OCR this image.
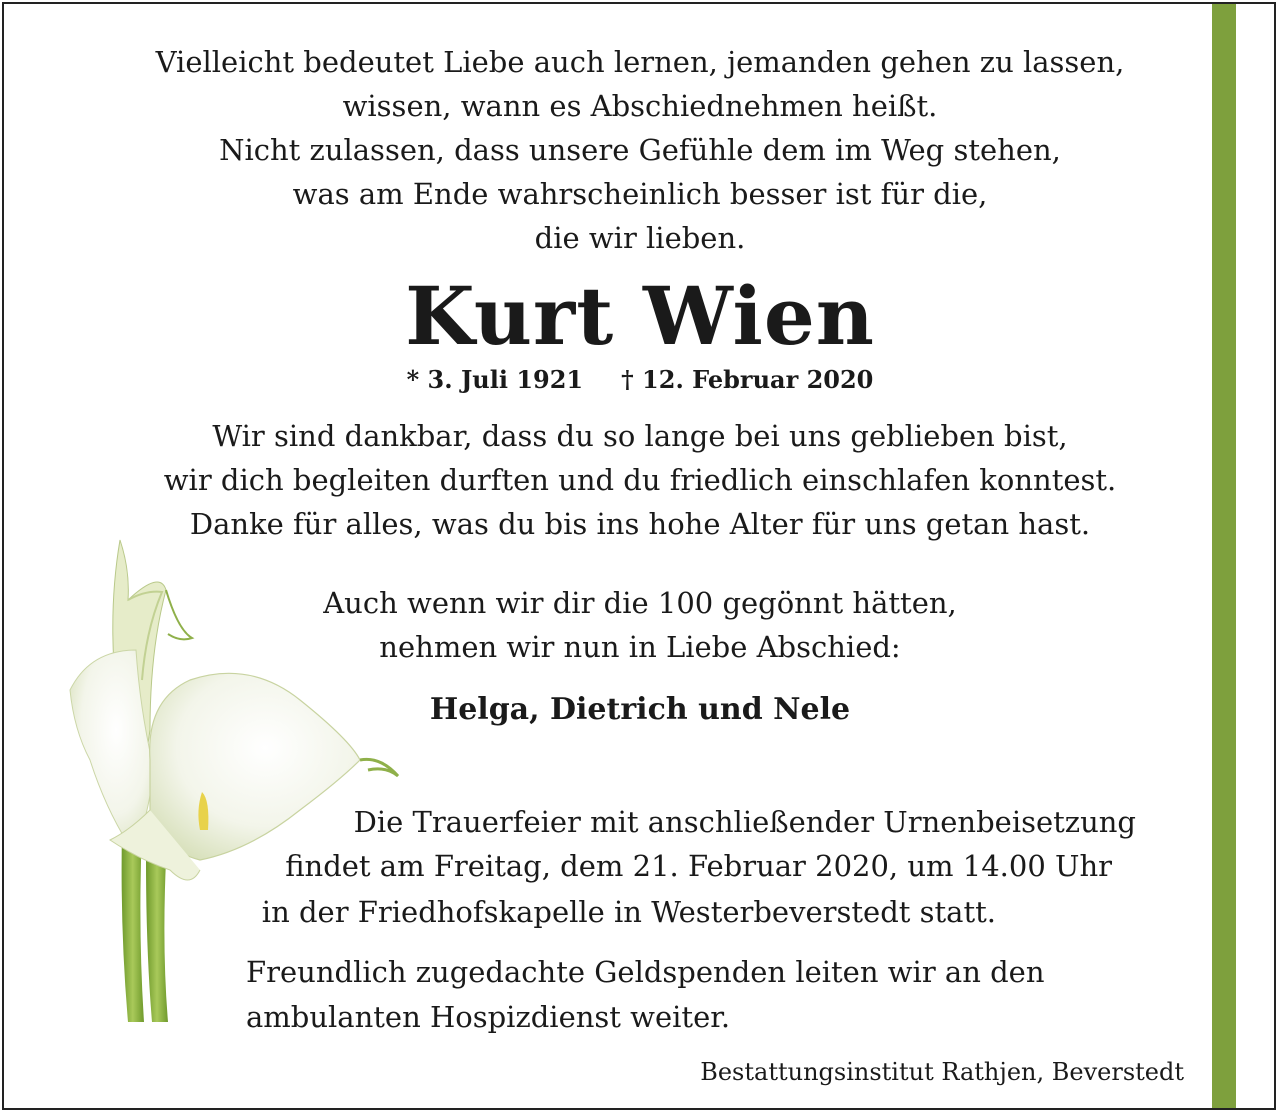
Vielleicht bedeutet Liebe auch lernen, jemanden gehen zu lassen,
wissen, wann es Abschiednehmen heißt.
Nicht zulassen, dass unsere Gefühle dem im Weg stehen,
was am Ende wahrscheinlich besser ist für die,
die wir lieben.
Kurt Wien
* 3. Juli 1921 † 12. Februar 2020
Wir sind dankbar, dass du so lange bei uns geblieben bist,
wir dich begleiten durften und du friedlich einschlafen konntest.
Danke für alles, was du bis ins hohe Alter für uns getan hast.
Auch wenn wir dir die 100 gegönnt hätten,
nehmen wir nun in Liebe Abschied:
Helga, Dietrich und Nele
Die Trauerfeier mit anschließender Urnenbeisetzung
findet am Freitag, dem 21. Februar 2020, um 14.00 Uhr
in der Friedhofskapelle in Westerbeverstedt statt.
Freundlich zugedachte Geldspenden leiten wir an den
ambulanten Hospizdienst weiter.
Bestattungsinstitut Rathjen, Beverstedt
